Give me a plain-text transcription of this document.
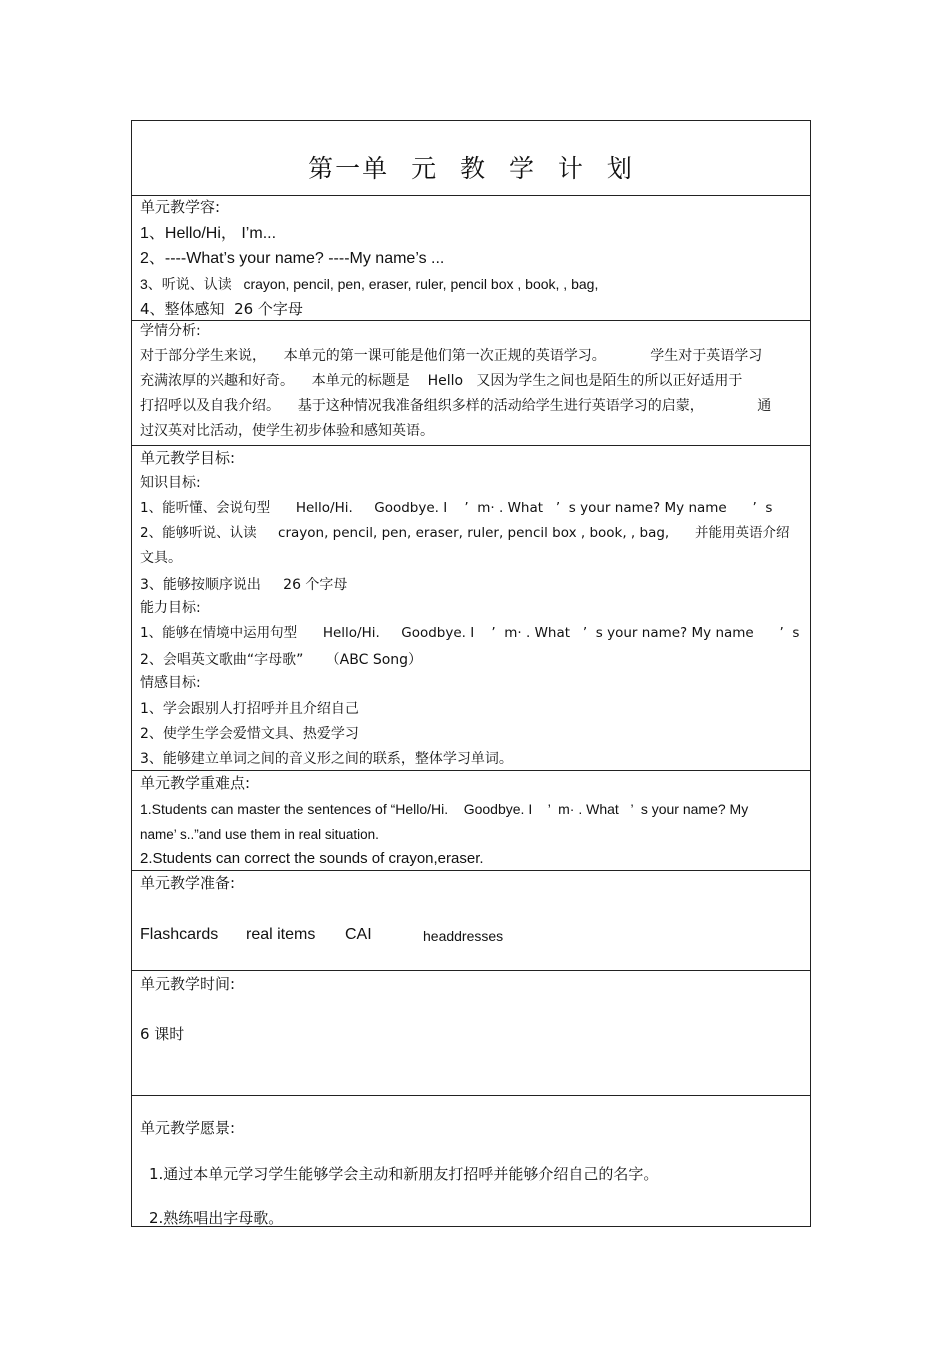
第一单 元 教 学 计 划
单元教学容:
1、Hello/Hi， I’m...
2、----What’s your name? ----My name’s ...
3、听说、认读   crayon, pencil, pen, eraser, ruler, pencil box , book, , bag,
4、整体感知  26 个字母
学情分析:
对于部分学生来说，    本单元的第一课可能是他们第一次正规的英语学习。          学生对于英语学习
充满浓厚的兴趣和好奇。    本单元的标题是    Hello   又因为学生之间也是陌生的所以正好适用于
打招呼以及自我介绍。    基于这种情况我准备组织多样的活动给学生进行英语学习的启蒙，            通
过汉英对比活动，使学生初步体验和感知英语。
单元教学目标:
知识目标:
1、能听懂、会说句型      Hello/Hi.     Goodbye. I    ’  m· . What   ’  s your name? My name      ’  s
2、能够听说、认读     crayon, pencil, pen, eraser, ruler, pencil box , book, , bag,      并能用英语介绍
文具。
3、能够按顺序说出     26 个字母
能力目标:
1、能够在情境中运用句型      Hello/Hi.     Goodbye. I    ’  m· . What   ’  s your name? My name      ’  s
2、会唱英文歌曲“字母歌”     （ABC Song）
情感目标:
1、学会跟别人打招呼并且介绍自己
2、使学生学会爱惜文具、热爱学习
3、能够建立单词之间的音义形之间的联系，整体学习单词。
单元教学重难点:
1.Students can master the sentences of “Hello/Hi.    Goodbye. I    ’  m· . What   ’  s your name? My
name’ s..”and use them in real situation.
2.Students can correct the sounds of crayon,eraser.
单元教学准备:
Flashcards real items CAI	headdresses
单元教学时间:
6 课时
单元教学愿景:
1.通过本单元学习学生能够学会主动和新朋友打招呼并能够介绍自己的名字。
2.熟练唱出字母歌。
